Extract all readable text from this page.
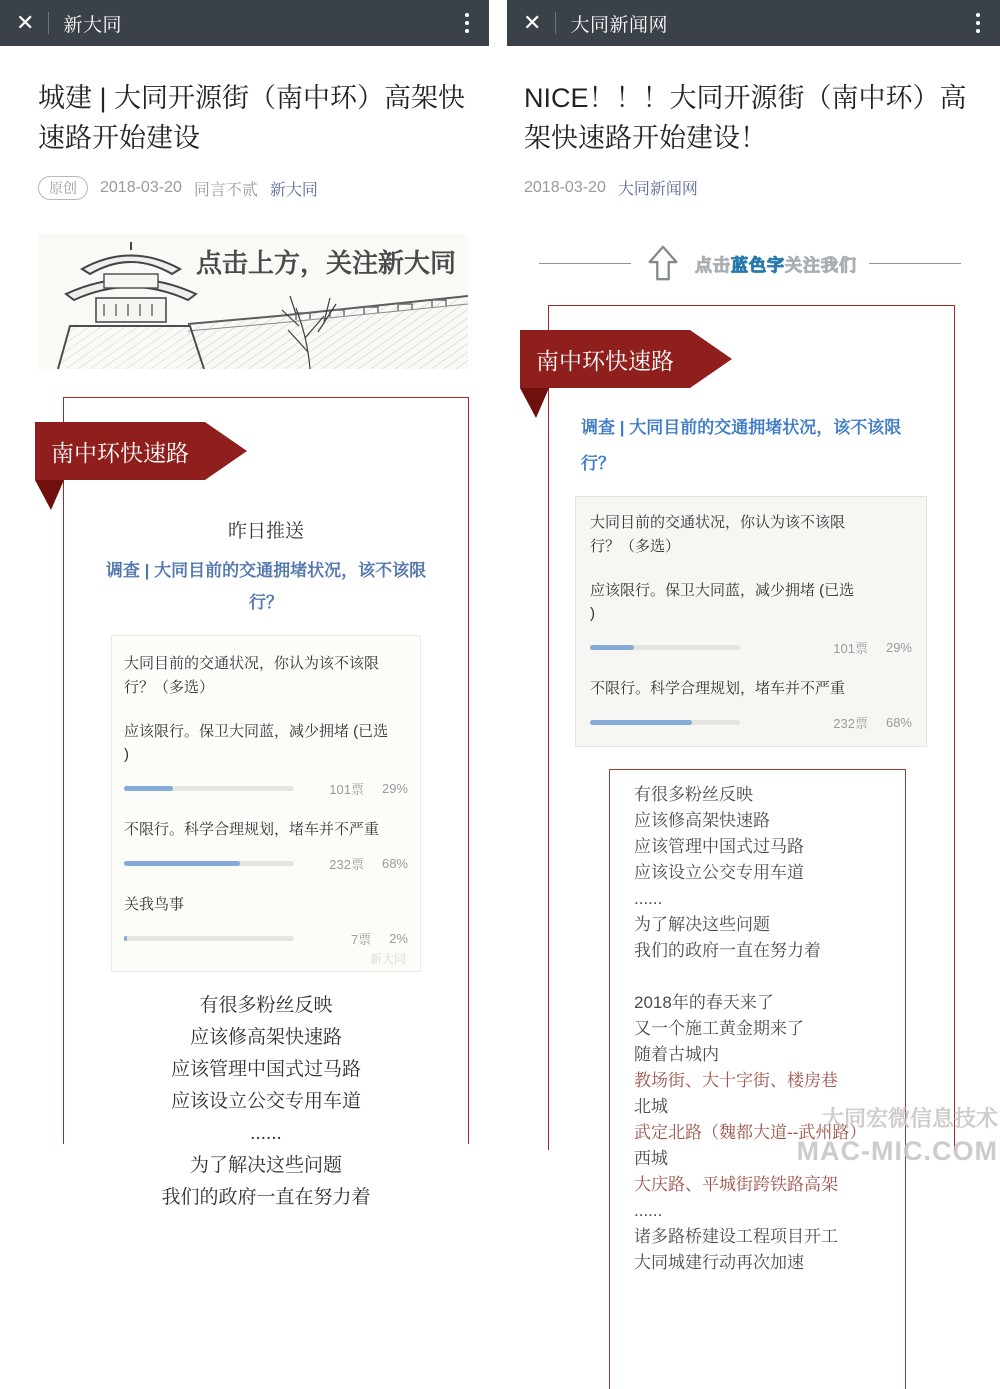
✕ 新大同
城建 | 大同开源街（南中环）高架快速路开始建设
原创	2018-03-20 同言不贰 新大同
点击上方，关注新大同
南中环快速路
昨日推送
调查 | 大同目前的交通拥堵状况，该不该限行？
大同目前的交通状况，你认为该不该限行？（多选）
应该限行。保卫大同蓝，减少拥堵 (已选
)
101票 29%
不限行。科学合理规划，堵车并不严重
232票 68%
关我鸟事
7票 2%
新大同
有很多粉丝反映
应该修高架快速路
应该管理中国式过马路
应该设立公交专用车道
......
为了解决这些问题
我们的政府一直在努力着
✕ 大同新闻网
NICE！！！大同开源街（南中环）高架快速路开始建设！
2018-03-20 大同新闻网
点击蓝色字关注我们
南中环快速路
调查 | 大同目前的交通拥堵状况，该不该限行？
大同目前的交通状况，你认为该不该限行？（多选）
应该限行。保卫大同蓝，减少拥堵 (已选
)
101票 29%
不限行。科学合理规划，堵车并不严重
232票 68%
有很多粉丝反映
应该修高架快速路
应该管理中国式过马路
应该设立公交专用车道
......
为了解决这些问题
我们的政府一直在努力着
2018年的春天来了
又一个施工黄金期来了
随着古城内
教场街、大十字街、楼房巷
北城
武定北路（魏都大道--武州路）
西城
大庆路、平城街跨铁路高架
......
诸多路桥建设工程项目开工
大同城建行动再次加速
大同宏微信息技术
MAC-MIC.COM
